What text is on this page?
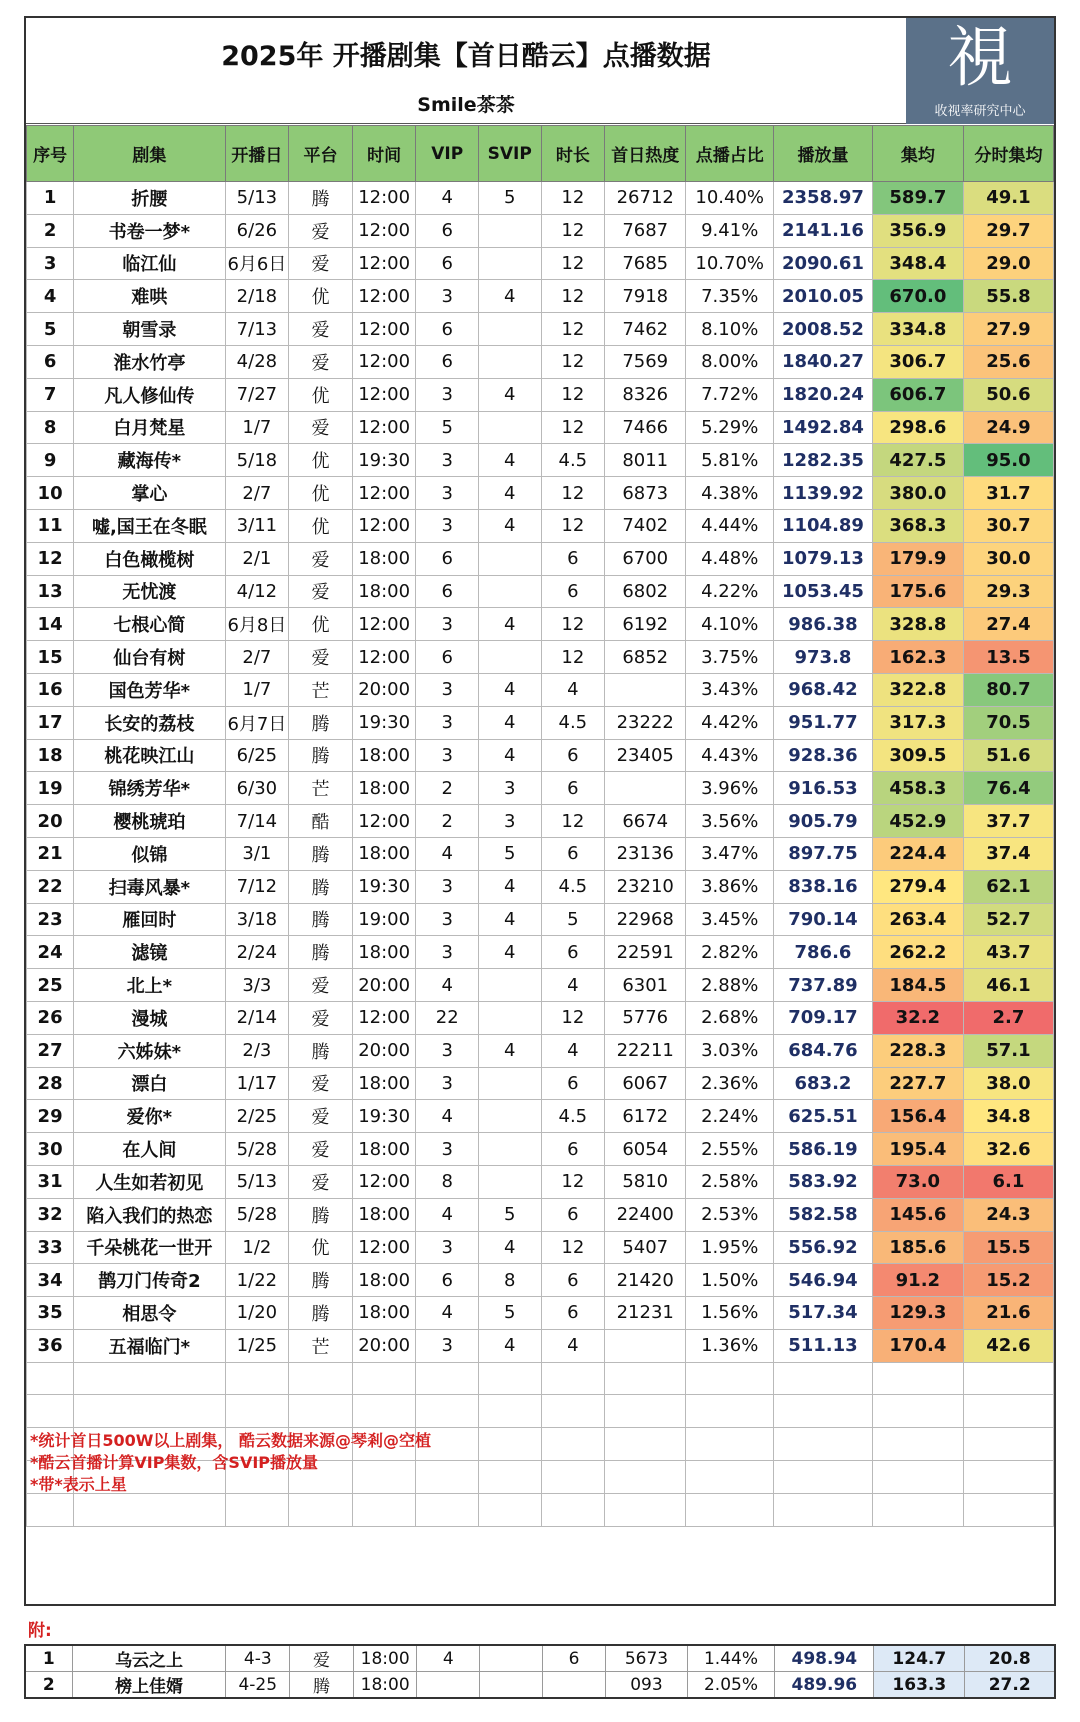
2025年 开播剧集【首日酷云】点播数据
Smile茶茶
視
收视率研究中心
序号	剧集	开播日	平台	时间	VIP	SVIP	时长	首日热度	点播占比	播放量	集均	分时集均
1	折腰	5/13	腾	12:00	4	5	12	26712	10.40%	2358.97	589.7	49.1
2	书卷一梦*	6/26	爱	12:00	6		12	7687	9.41%	2141.16	356.9	29.7
3	临江仙	6月6日	爱	12:00	6		12	7685	10.70%	2090.61	348.4	29.0
4	难哄	2/18	优	12:00	3	4	12	7918	7.35%	2010.05	670.0	55.8
5	朝雪录	7/13	爱	12:00	6		12	7462	8.10%	2008.52	334.8	27.9
6	淮水竹亭	4/28	爱	12:00	6		12	7569	8.00%	1840.27	306.7	25.6
7	凡人修仙传	7/27	优	12:00	3	4	12	8326	7.72%	1820.24	606.7	50.6
8	白月梵星	1/7	爱	12:00	5		12	7466	5.29%	1492.84	298.6	24.9
9	藏海传*	5/18	优	19:30	3	4	4.5	8011	5.81%	1282.35	427.5	95.0
10	掌心	2/7	优	12:00	3	4	12	6873	4.38%	1139.92	380.0	31.7
11	嘘,国王在冬眠	3/11	优	12:00	3	4	12	7402	4.44%	1104.89	368.3	30.7
12	白色橄榄树	2/1	爱	18:00	6		6	6700	4.48%	1079.13	179.9	30.0
13	无忧渡	4/12	爱	18:00	6		6	6802	4.22%	1053.45	175.6	29.3
14	七根心简	6月8日	优	12:00	3	4	12	6192	4.10%	986.38	328.8	27.4
15	仙台有树	2/7	爱	12:00	6		12	6852	3.75%	973.8	162.3	13.5
16	国色芳华*	1/7	芒	20:00	3	4	4		3.43%	968.42	322.8	80.7
17	长安的荔枝	6月7日	腾	19:30	3	4	4.5	23222	4.42%	951.77	317.3	70.5
18	桃花映江山	6/25	腾	18:00	3	4	6	23405	4.43%	928.36	309.5	51.6
19	锦绣芳华*	6/30	芒	18:00	2	3	6		3.96%	916.53	458.3	76.4
20	樱桃琥珀	7/14	酷	12:00	2	3	12	6674	3.56%	905.79	452.9	37.7
21	似锦	3/1	腾	18:00	4	5	6	23136	3.47%	897.75	224.4	37.4
22	扫毒风暴*	7/12	腾	19:30	3	4	4.5	23210	3.86%	838.16	279.4	62.1
23	雁回时	3/18	腾	19:00	3	4	5	22968	3.45%	790.14	263.4	52.7
24	滤镜	2/24	腾	18:00	3	4	6	22591	2.82%	786.6	262.2	43.7
25	北上*	3/3	爱	20:00	4		4	6301	2.88%	737.89	184.5	46.1
26	漫城	2/14	爱	12:00	22		12	5776	2.68%	709.17	32.2	2.7
27	六姊妹*	2/3	腾	20:00	3	4	4	22211	3.03%	684.76	228.3	57.1
28	漂白	1/17	爱	18:00	3		6	6067	2.36%	683.2	227.7	38.0
29	爱你*	2/25	爱	19:30	4		4.5	6172	2.24%	625.51	156.4	34.8
30	在人间	5/28	爱	18:00	3		6	6054	2.55%	586.19	195.4	32.6
31	人生如若初见	5/13	爱	12:00	8		12	5810	2.58%	583.92	73.0	6.1
32	陷入我们的热恋	5/28	腾	18:00	4	5	6	22400	2.53%	582.58	145.6	24.3
33	千朵桃花一世开	1/2	优	12:00	3	4	12	5407	1.95%	556.92	185.6	15.5
34	鹊刀门传奇2	1/22	腾	18:00	6	8	6	21420	1.50%	546.94	91.2	15.2
35	相思令	1/20	腾	18:00	4	5	6	21231	1.56%	517.34	129.3	21.6
36	五福临门*	1/25	芒	20:00	3	4	4		1.36%	511.13	170.4	42.6

*统计首日500W以上剧集， 酷云数据来源@琴剎@空植
*酷云首播计算VIP集数，含SVIP播放量
*带*表示上星
附:
1	乌云之上	4-3	爱	18:00	4		6	5673	1.44%	498.94	124.7	20.8
2	榜上佳婿	4-25	腾	18:00				093	2.05%	489.96	163.3	27.2
